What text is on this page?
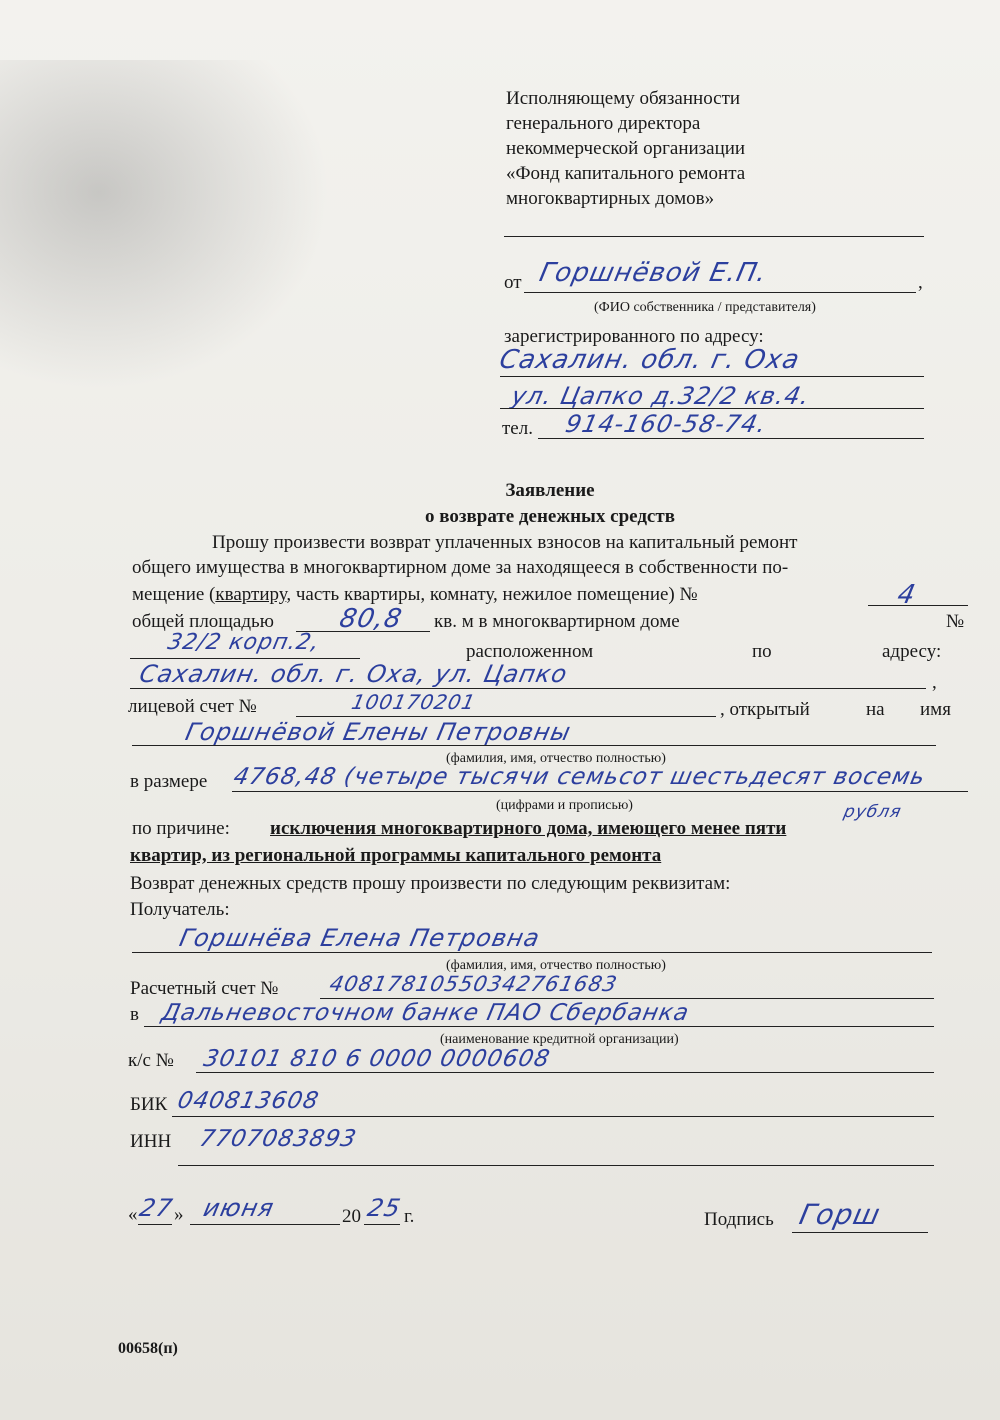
Исполняющему обязанности
генерального директора
некоммерческой организации
«Фонд капитального ремонта
многоквартирных домов»
от Горшнёвой Е.П.	,
(ФИО собственника / представителя)
зарегистрированного по адресу:
Сахалин. обл. г. Оха
ул. Цапко д.32/2 кв.4.
тел. 914-160-58-74.
Заявление
о возврате денежных средств
Прошу произвести возврат уплаченных взносов на капитальный ремонт
общего имущества в многоквартирном доме за находящееся в собственности по-
мещение (квартиру, часть квартиры, комнату, нежилое помещение) №	4
общей площадью 80,8 кв. м в многоквартирном доме	№
32/2 корп.2,	расположенном	по	адресу:
Сахалин. обл. г. Оха, ул. Цапко	,
лицевой счет №	100170201	, открытый	на имя
Горшнёвой Елены Петровны
(фамилия, имя, отчество полностью)
в размере 4768,48 (четыре тысячи семьсот шестьдесят восемь
(цифрами и прописью)	рубля
по причине: исключения многоквартирного дома, имеющего менее пяти
квартир, из региональной программы капитального ремонта
Возврат денежных средств прошу произвести по следующим реквизитам:
Получатель:
Горшнёва Елена Петровна
(фамилия, имя, отчество полностью)
Расчетный счет № 40817810550342761683
в Дальневосточном банке ПАО Сбербанка
(наименование кредитной организации)
к/с № 30101 810 6 0000 0000608
БИК 040813608
ИНН 7707083893
« 27
» июня	20 25 г.	Подпись Горш
00658(п)
